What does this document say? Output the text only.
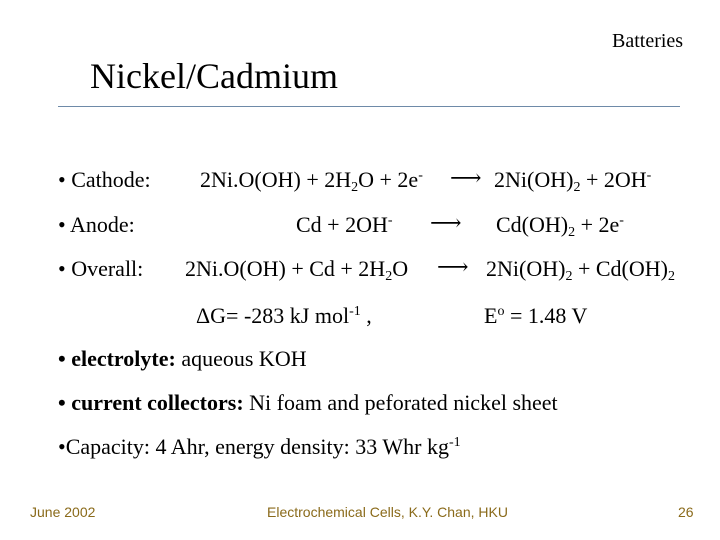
Batteries
Nickel/Cadmium
• Cathode: $2Ni.O(OH) + 2H_2O + 2e^-$ ⟶ $2Ni(OH)_2 + 2OH^-$
• Anode:	Cd + 2OH- ⟶ $Cd(OH)_2 + 2e^-$
• Overall: $2Ni.O(OH) + Cd + 2H_2O$ ⟶ $2Ni(OH)_2 + Cd(OH)_2$
ΔG= -283 kJ mol$^{-1}$ ,	$E^o = 1.48$ V
• electrolyte: aqueous KOH
• current collectors: Ni foam and peforated nickel sheet
•Capacity: 4 Ahr, energy density: 33 Whr $kg^{-1}$
June 2002	Electrochemical Cells, K.Y. Chan, HKU	26
